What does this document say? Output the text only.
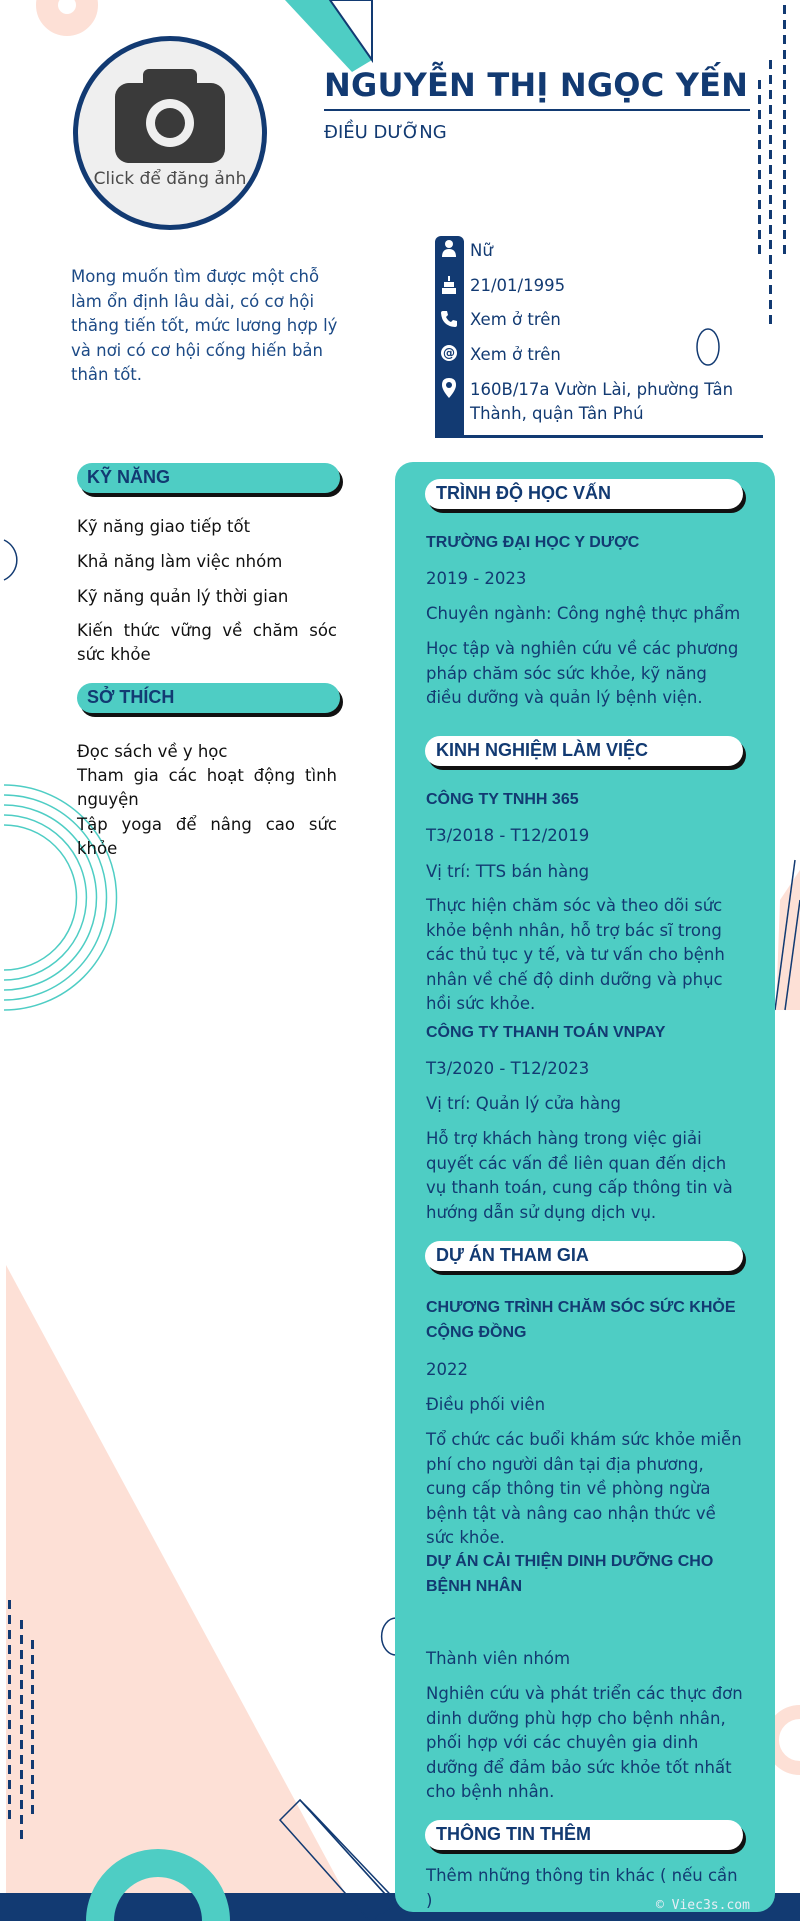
Click để đăng ảnh
NGUYỄN THỊ NGỌC YẾN
ĐIỀU DƯỠNG
Mong muốn tìm được một chỗ làm ổn định lâu dài, có cơ hội thăng tiến tốt, mức lương hợp lý và nơi có cơ hội cống hiến bản thân tốt.
Nữ
21/01/1995
Xem ở trên
@ Xem ở trên
160B/17a Vườn Lài, phường Tân Thành, quận Tân Phú
KỸ NĂNG
Kỹ năng giao tiếp tốt
Khả năng làm việc nhóm
Kỹ năng quản lý thời gian
Kiến thức vững về chăm sóc sức khỏe
SỞ THÍCH
Đọc sách về y học
Tham gia các hoạt động tình nguyện
Tập yoga để nâng cao sức khỏe
TRÌNH ĐỘ HỌC VẤN
TRƯỜNG ĐẠI HỌC Y DƯỢC
2019 - 2023
Chuyên ngành: Công nghệ thực phẩm
Học tập và nghiên cứu về các phương pháp chăm sóc sức khỏe, kỹ năng điều dưỡng và quản lý bệnh viện.
KINH NGHIỆM LÀM VIỆC
CÔNG TY TNHH 365
T3/2018 - T12/2019
Vị trí: TTS bán hàng
Thực hiện chăm sóc và theo dõi sức khỏe bệnh nhân, hỗ trợ bác sĩ trong các thủ tục y tế, và tư vấn cho bệnh nhân về chế độ dinh dưỡng và phục hồi sức khỏe.
CÔNG TY THANH TOÁN VNPAY
T3/2020 - T12/2023
Vị trí: Quản lý cửa hàng
Hỗ trợ khách hàng trong việc giải quyết các vấn đề liên quan đến dịch vụ thanh toán, cung cấp thông tin và hướng dẫn sử dụng dịch vụ.
DỰ ÁN THAM GIA
CHƯƠNG TRÌNH CHĂM SÓC SỨC KHỎE CỘNG ĐỒNG
2022
Điều phối viên
Tổ chức các buổi khám sức khỏe miễn phí cho người dân tại địa phương, cung cấp thông tin về phòng ngừa bệnh tật và nâng cao nhận thức về sức khỏe.
DỰ ÁN CẢI THIỆN DINH DƯỠNG CHO BỆNH NHÂN
Thành viên nhóm
Nghiên cứu và phát triển các thực đơn dinh dưỡng phù hợp cho bệnh nhân, phối hợp với các chuyên gia dinh dưỡng để đảm bảo sức khỏe tốt nhất cho bệnh nhân.
THÔNG TIN THÊM
Thêm những thông tin khác ( nếu cần )	© Viec3s.com
